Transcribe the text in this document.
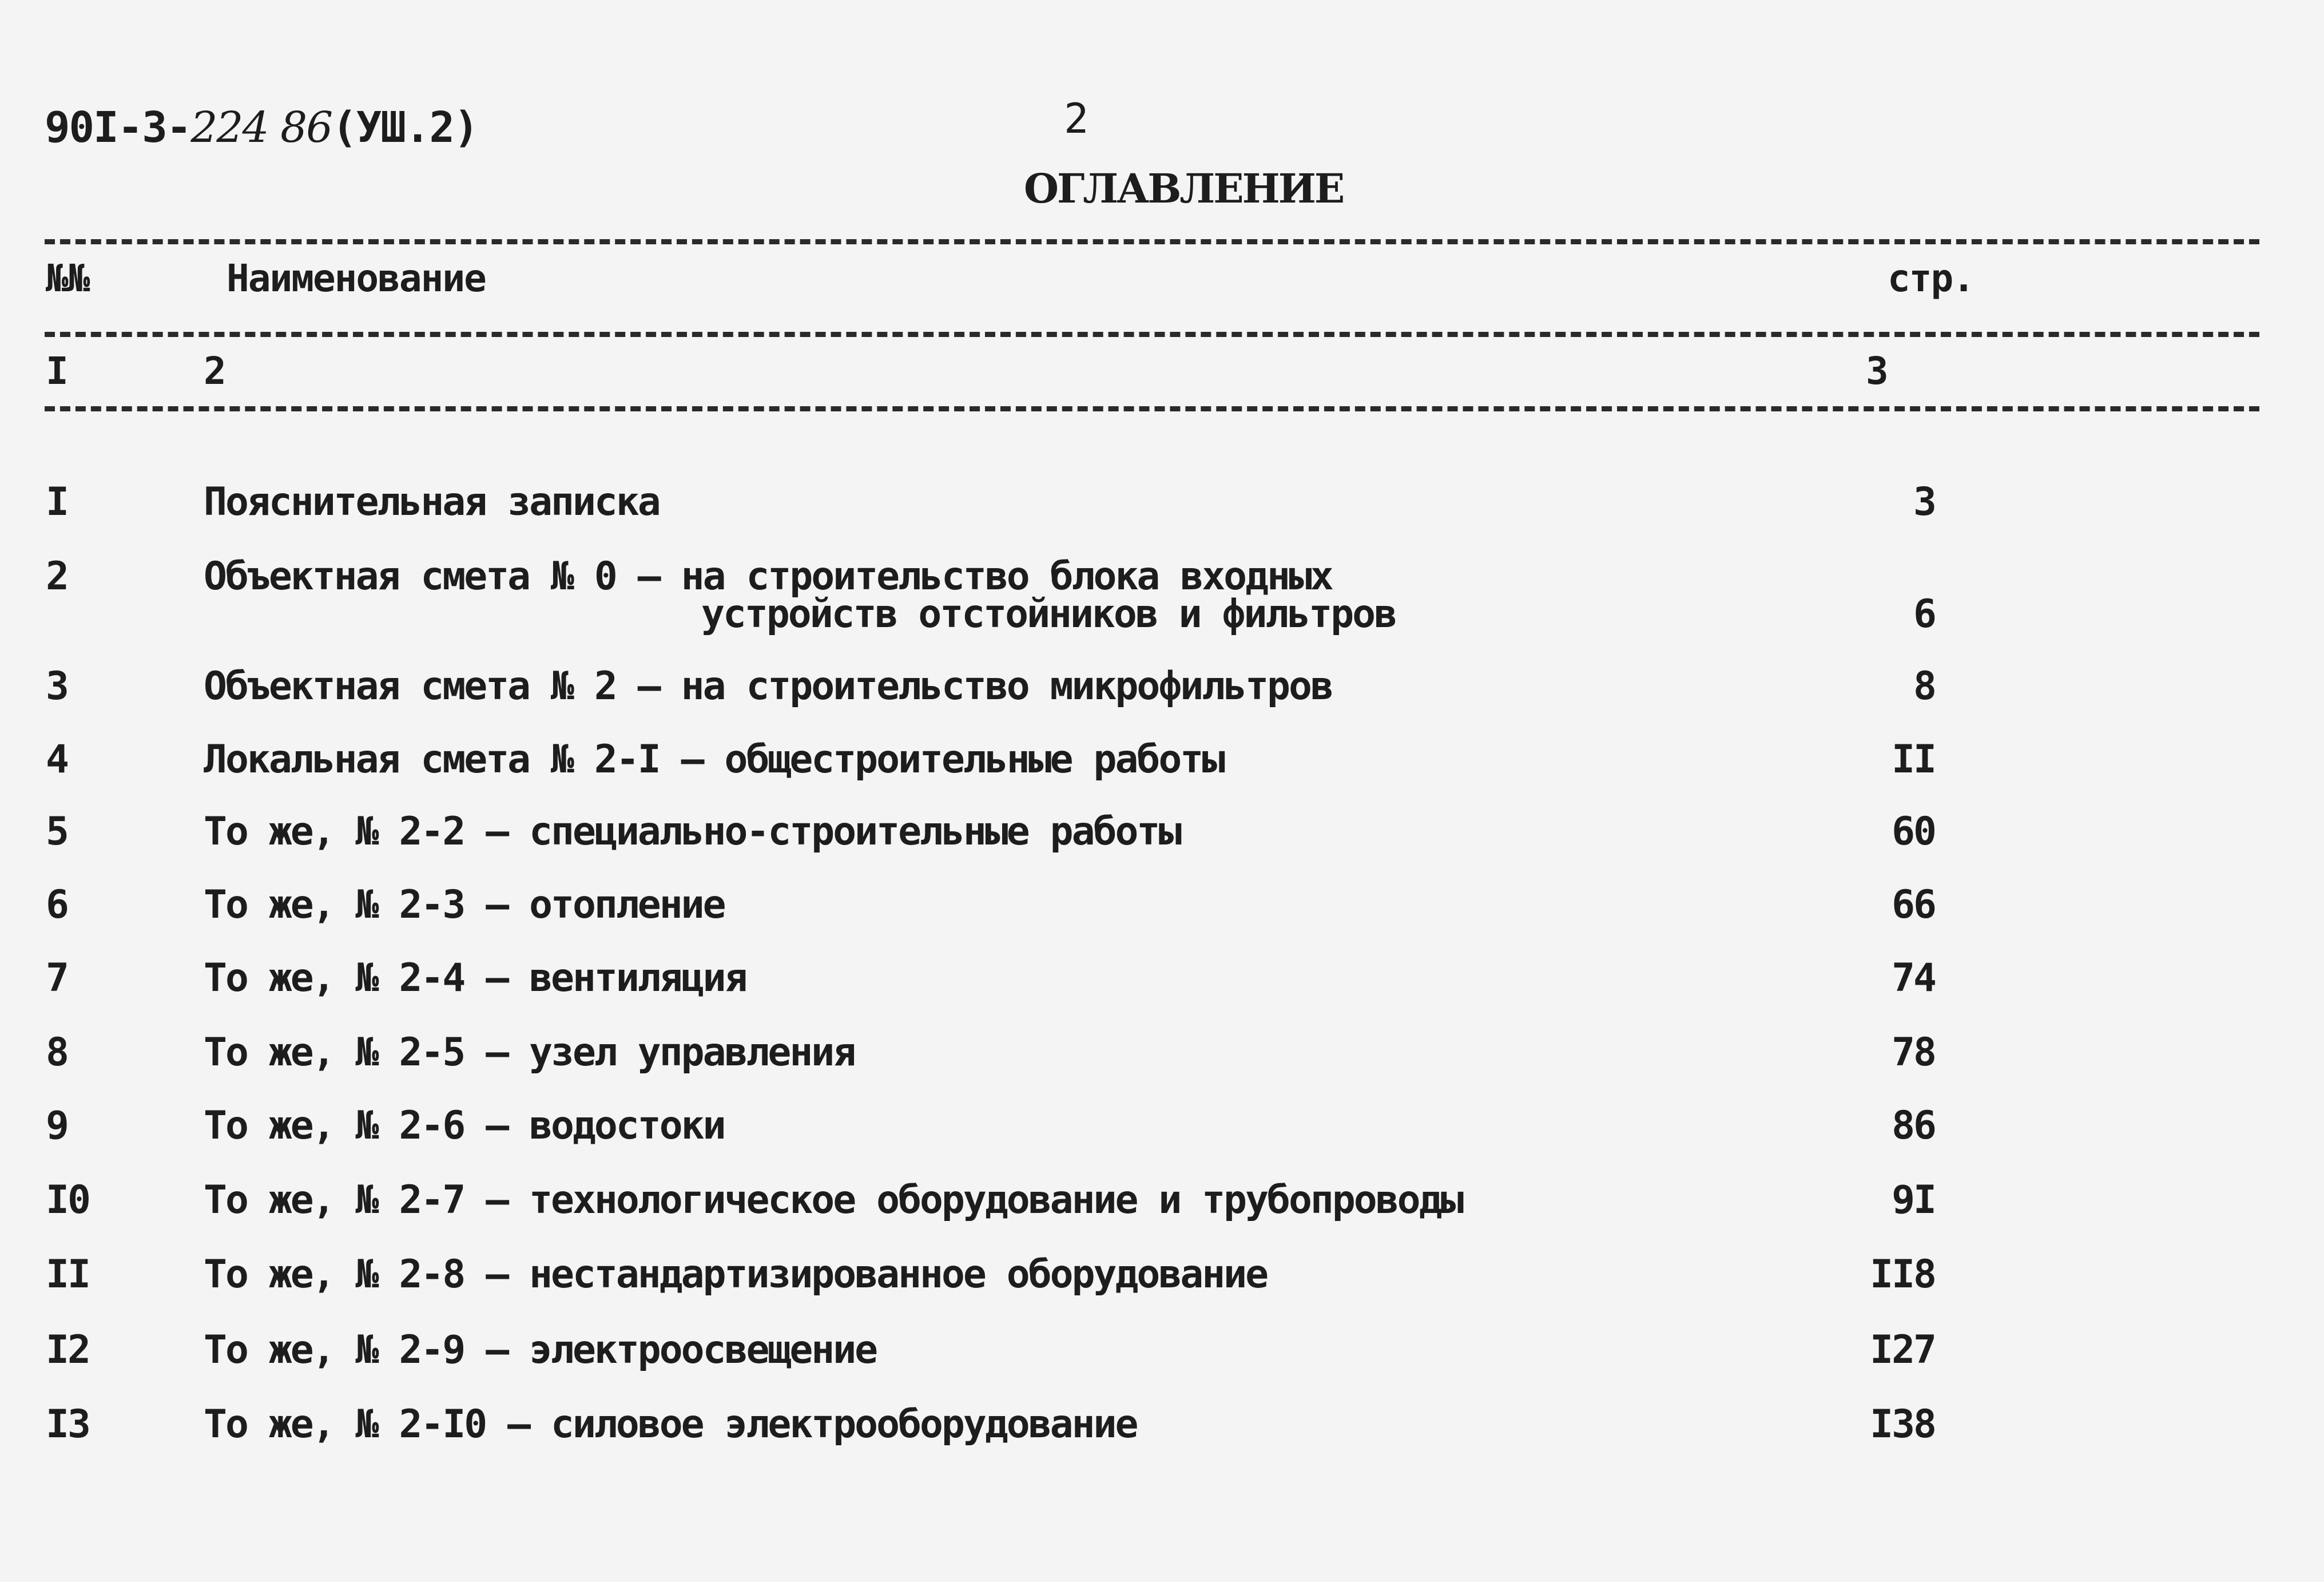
90I-3-224 86(УШ.2)	2
ОГЛАВЛЕНИЕ
№№	Наименование	стр.
I	2	3
I	Пояснительная записка	3
2	Объектная смета № 0 – на строительство блока входных
устройств отстойников и фильтров	6
3	Объектная смета № 2 – на строительство микрофильтров	8
4	Локальная смета № 2-I – общестроительные работы	II
5	То же, № 2-2 – специально-строительные работы	60
6	То же, № 2-3 – отопление	66
7	То же, № 2-4 – вентиляция	74
8	То же, № 2-5 – узел управления	78
9	То же, № 2-6 – водостоки	86
I0	То же, № 2-7 – технологическое оборудование и трубопроводы	9I
II	То же, № 2-8 – нестандартизированное оборудование	II8
I2	То же, № 2-9 – электроосвещение	I27
I3	То же, № 2-I0 – силовое электрооборудование	I38
